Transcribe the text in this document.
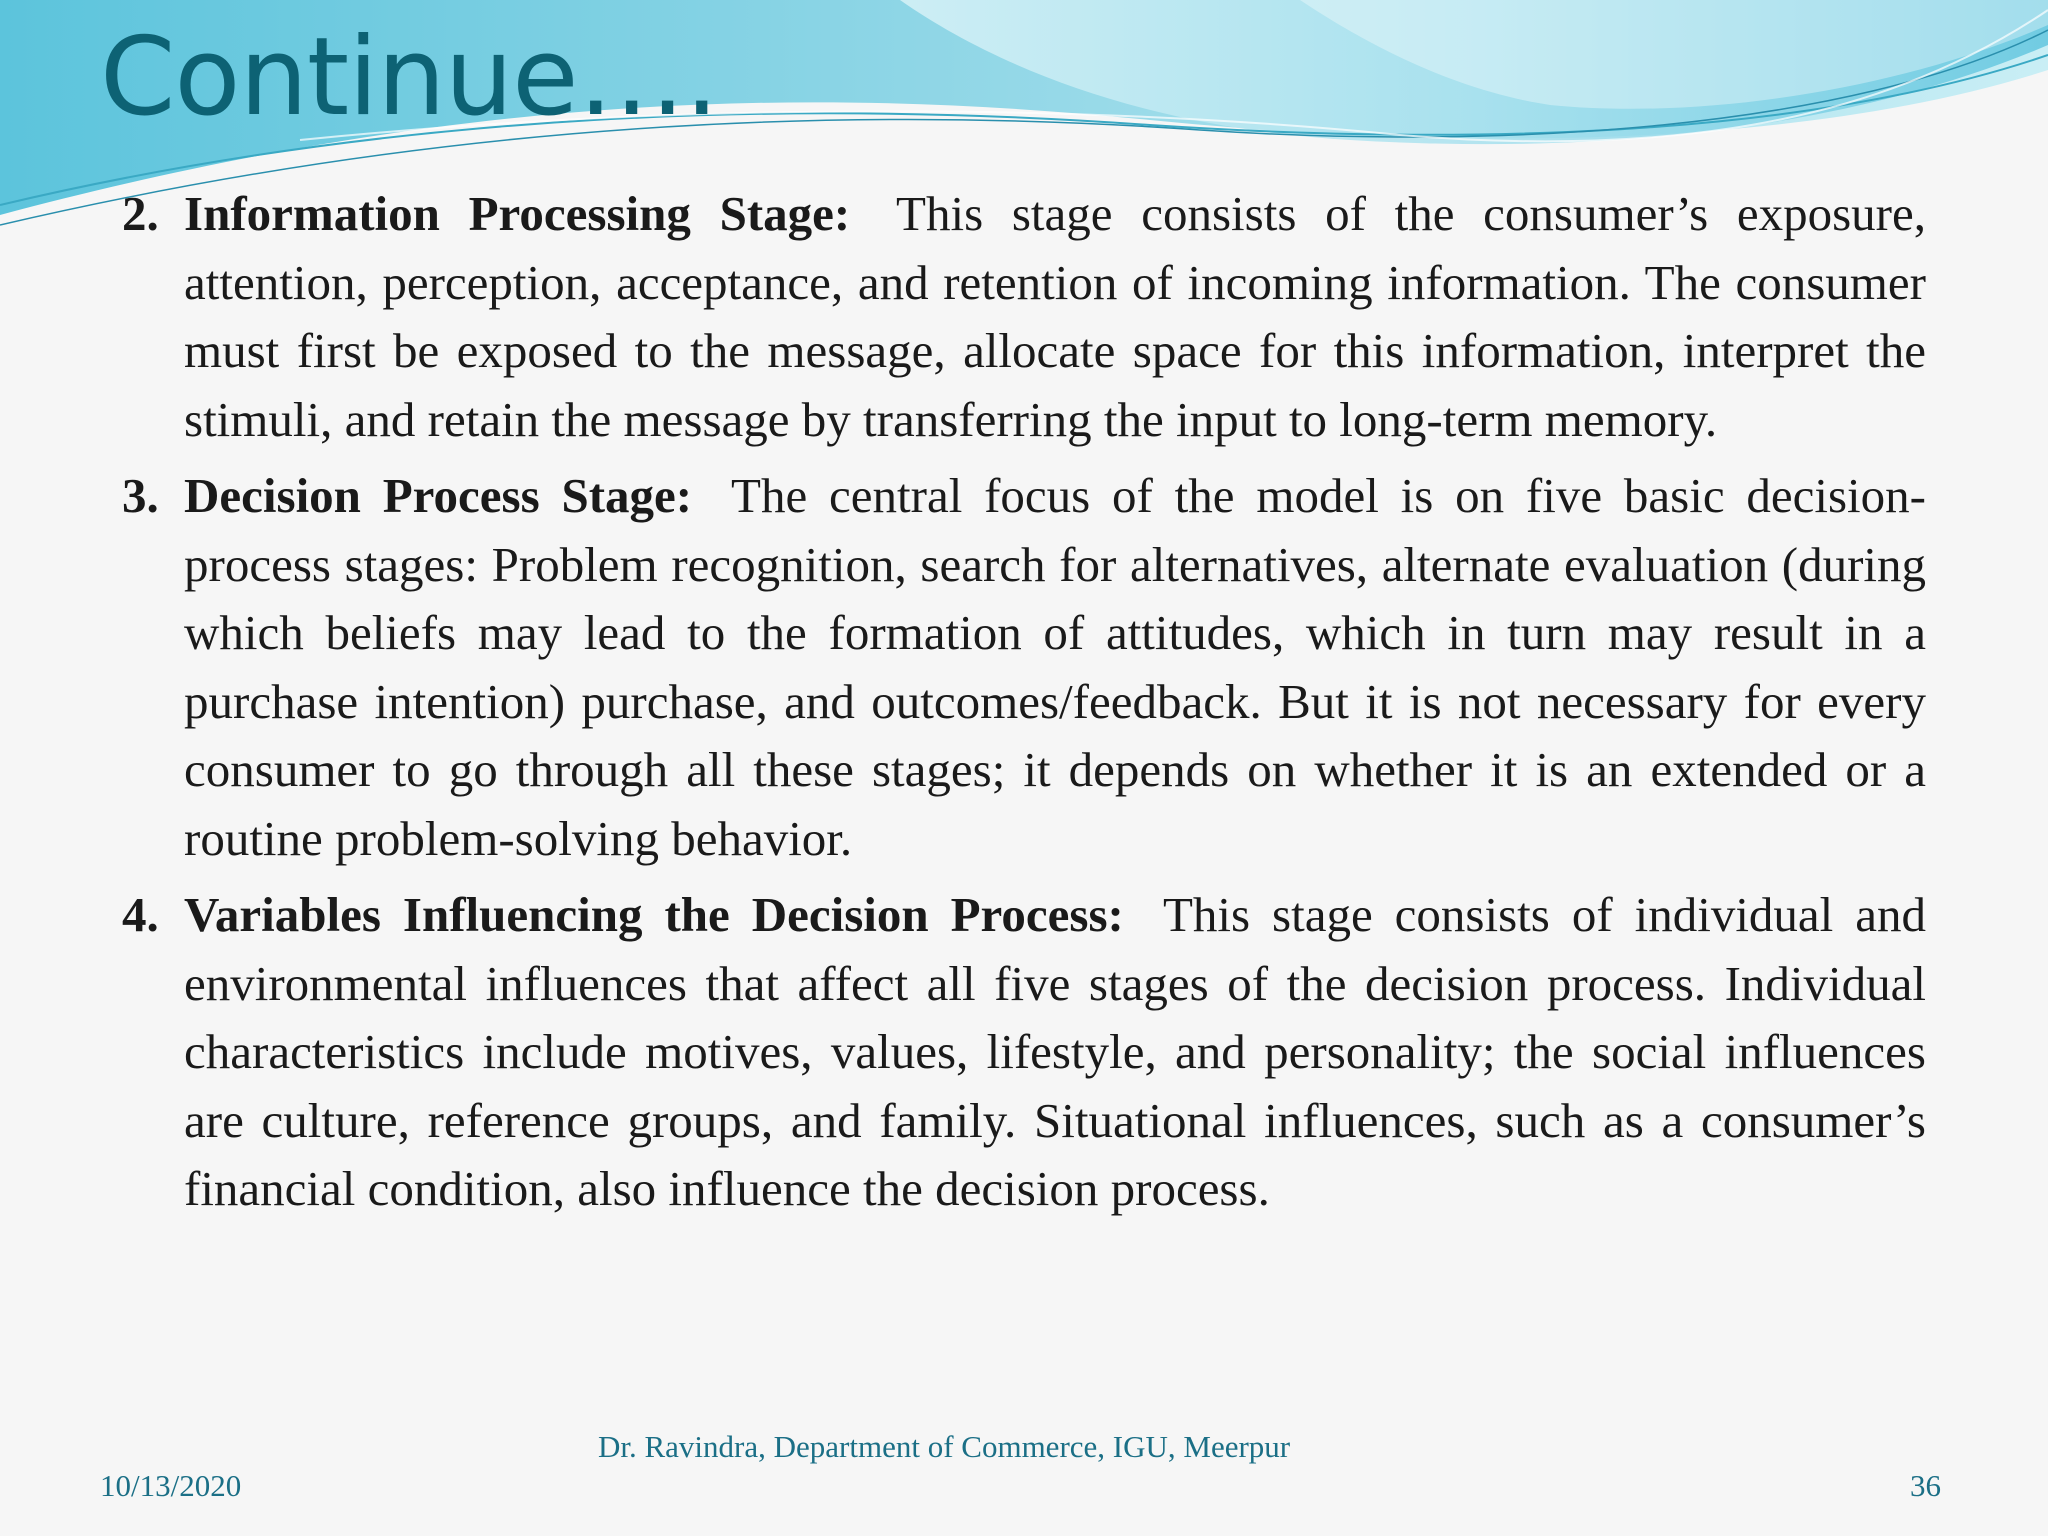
Continue….
2. Information Processing Stage: This stage consists of the consumer’s exposure, attention, perception, acceptance, and retention of incoming information. The consumer must first be exposed to the message, allocate space for this information, interpret the stimuli, and retain the message by transferring the input to long-term memory.
3. Decision Process Stage: The central focus of the model is on five basic decision-process stages: Problem recognition, search for alternatives, alternate evaluation (during which beliefs may lead to the formation of attitudes, which in turn may result in a purchase intention) purchase, and outcomes/feedback. But it is not necessary for every consumer to go through all these stages; it depends on whether it is an extended or a routine problem-solving behavior.
4. Variables Influencing the Decision Process: This stage consists of individual and environmental influences that affect all five stages of the decision process. Individual characteristics include motives, values, lifestyle, and personality; the social influences are culture, reference groups, and family. Situational influences, such as a consumer’s financial condition, also influence the decision process.
10/13/2020
Dr. Ravindra, Department of Commerce, IGU, Meerpur
36
